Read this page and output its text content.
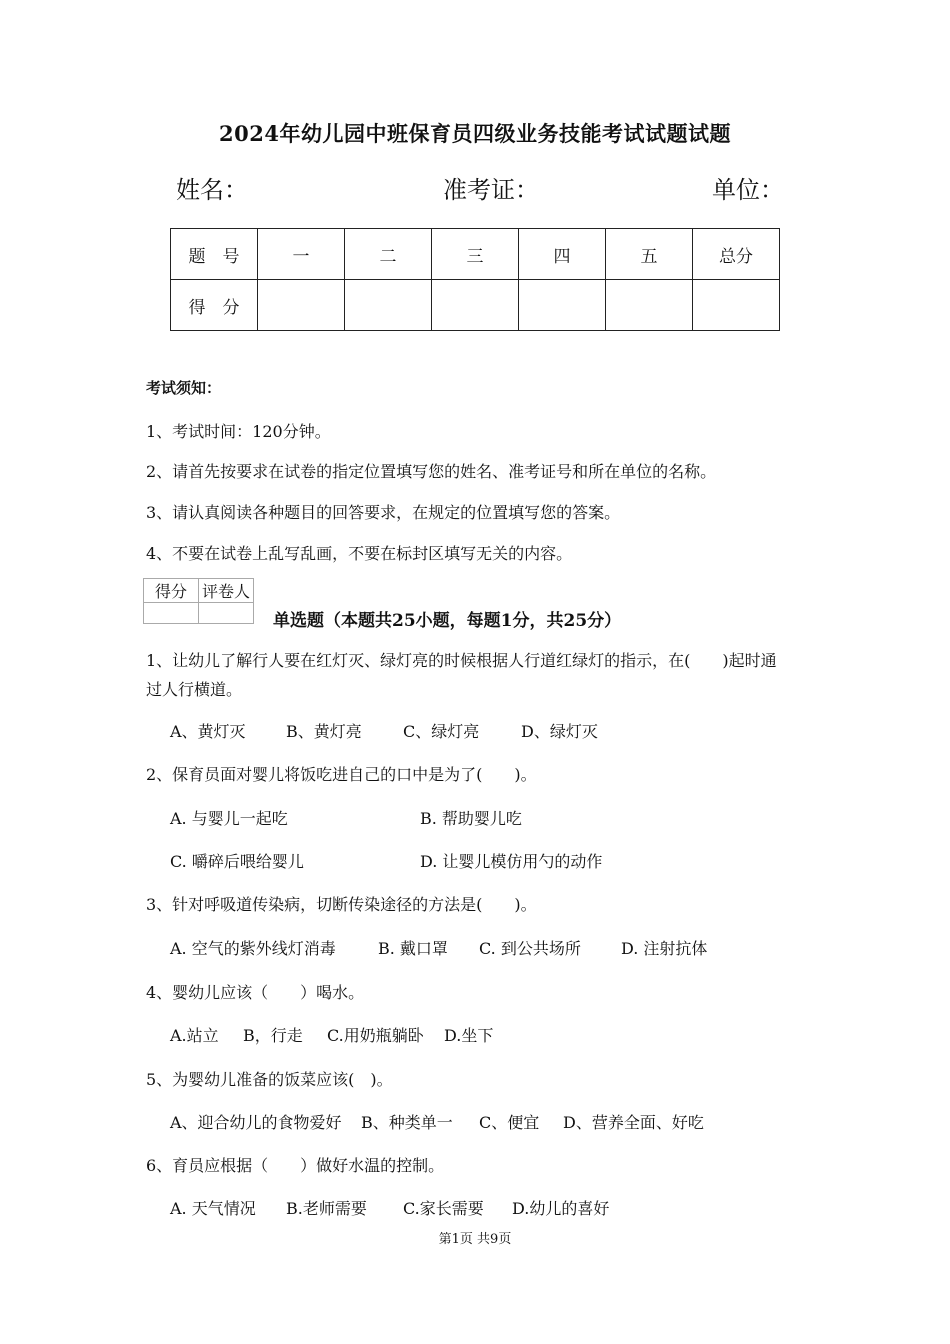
2024年幼儿园中班保育员四级业务技能考试试题试题
姓名：	准考证：	单位：
题　号	一	二	三	四	五	总分
得　分						
考试须知：
1、考试时间：120分钟。
2、请首先按要求在试卷的指定位置填写您的姓名、准考证号和所在单位的名称。
3、请认真阅读各种题目的回答要求，在规定的位置填写您的答案。
4、不要在试卷上乱写乱画，不要在标封区填写无关的内容。
得分	评卷人

单选题（本题共25小题，每题1分，共25分）
1、让幼儿了解行人要在红灯灭、绿灯亮的时候根据人行道红绿灯的指示，在(　　)起时通
过人行横道。
A、黄灯灭	B、黄灯亮	C、绿灯亮	D、绿灯灭
2、保育员面对婴儿将饭吃进自己的口中是为了(　　)。
A. 与婴儿一起吃	B. 帮助婴儿吃
C. 嚼碎后喂给婴儿	D. 让婴儿模仿用勺的动作
3、针对呼吸道传染病，切断传染途径的方法是(　　)。
A. 空气的紫外线灯消毒	B. 戴口罩 C. 到公共场所	D. 注射抗体
4、婴幼儿应该（　　）喝水。
A.站立 B，行走 C.用奶瓶躺卧 D.坐下
5、为婴幼儿准备的饭菜应该(　)。
A、迎合幼儿的食物爱好 B、种类单一 C、便宜 D、营养全面、好吃
6、育员应根据（　　）做好水温的控制。
A. 天气情况 B.老师需要 C.家长需要 D.幼儿的喜好
第1页 共9页
